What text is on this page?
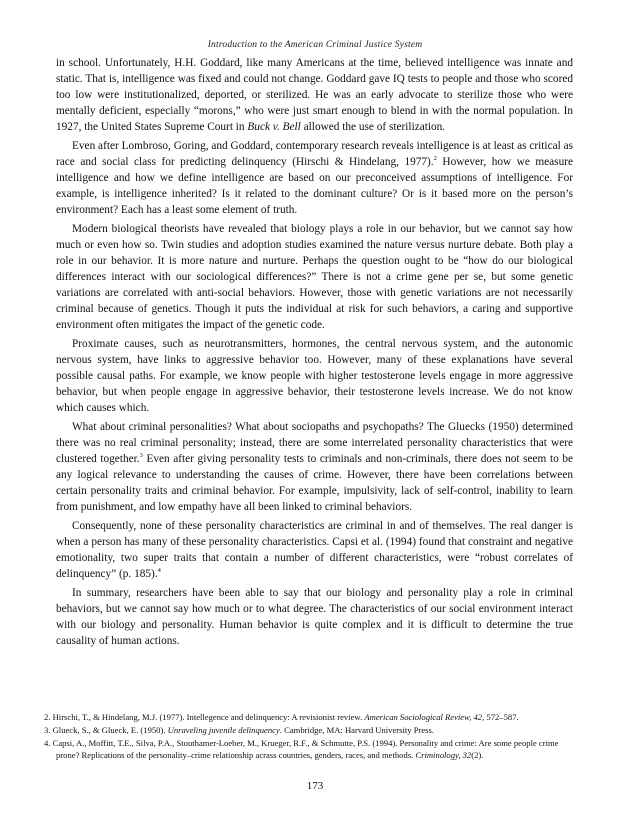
Introduction to the American Criminal Justice System

in school. Unfortunately, H.H. Goddard, like many Americans at the time, believed intelligence was innate and static. That is, intelligence was fixed and could not change. Goddard gave IQ tests to people and those who scored too low were institutionalized, deported, or sterilized. He was an early advocate to sterilize those who were mentally deficient, especially “morons,” who were just smart enough to blend in with the normal population. In 1927, the United States Supreme Court in Buck v. Bell allowed the use of sterilization.

Even after Lombroso, Goring, and Goddard, contemporary research reveals intelligence is at least as critical as race and social class for predicting delinquency (Hirschi & Hindelang, 1977).$^2$ However, how we measure intelligence and how we define intelligence are based on our preconceived assumptions of intelligence. For example, is intelligence inherited? Is it related to the dominant culture? Or is it based more on the person’s environment? Each has a least some element of truth.

Modern biological theorists have revealed that biology plays a role in our behavior, but we cannot say how much or even how so. Twin studies and adoption studies examined the nature versus nurture debate. Both play a role in our behavior. It is more nature and nurture. Perhaps the question ought to be “how do our biological differences interact with our sociological differences?” There is not a crime gene per se, but some genetic variations are correlated with anti-social behaviors. However, those with genetic variations are not necessarily criminal because of genetics. Though it puts the individual at risk for such behaviors, a caring and supportive environment often mitigates the impact of the genetic code.

Proximate causes, such as neurotransmitters, hormones, the central nervous system, and the autonomic nervous system, have links to aggressive behavior too. However, many of these explanations have several possible causal paths. For example, we know people with higher testosterone levels engage in more aggressive behavior, but when people engage in aggressive behavior, their testosterone levels increase. We do not know which causes which.

What about criminal personalities? What about sociopaths and psychopaths? The Gluecks (1950) determined there was no real criminal personality; instead, there are some interrelated personality characteristics that were clustered together.$^3$ Even after giving personality tests to criminals and non-criminals, there does not seem to be any logical relevance to understanding the causes of crime. However, there have been correlations between certain personality traits and criminal behavior. For example, impulsivity, lack of self-control, inability to learn from punishment, and low empathy have all been linked to criminal behaviors.

Consequently, none of these personality characteristics are criminal in and of themselves. The real danger is when a person has many of these personality characteristics. Capsi et al. (1994) found that constraint and negative emotionality, two super traits that contain a number of different characteristics, were “robust correlates of delinquency” (p. 185).$^4$

In summary, researchers have been able to say that our biology and personality play a role in criminal behaviors, but we cannot say how much or to what degree. The characteristics of our social environment interact with our biology and personality. Human behavior is quite complex and it is difficult to determine the true causality of human actions.

2. Hirschi, T., & Hindelang, M.J. (1977). Intellegence and delinquency: A revisionist review. American Sociological Review, 42, 572–587.

3. Glueck, S., & Glueck, E. (1950). Unraveling juvenile delinquency. Cambridge, MA: Harvard University Press.

4. Capsi, A., Moffitt, T.E., Silva, P.A., Stouthamer-Loeber, M., Krueger, R.F., & Schmutte, P.S. (1994). Personality and crime: Are some people crime prone? Replications of the personality–crime relationship acrass countries, genders, races, and methods. Criminology, 32(2).

173
